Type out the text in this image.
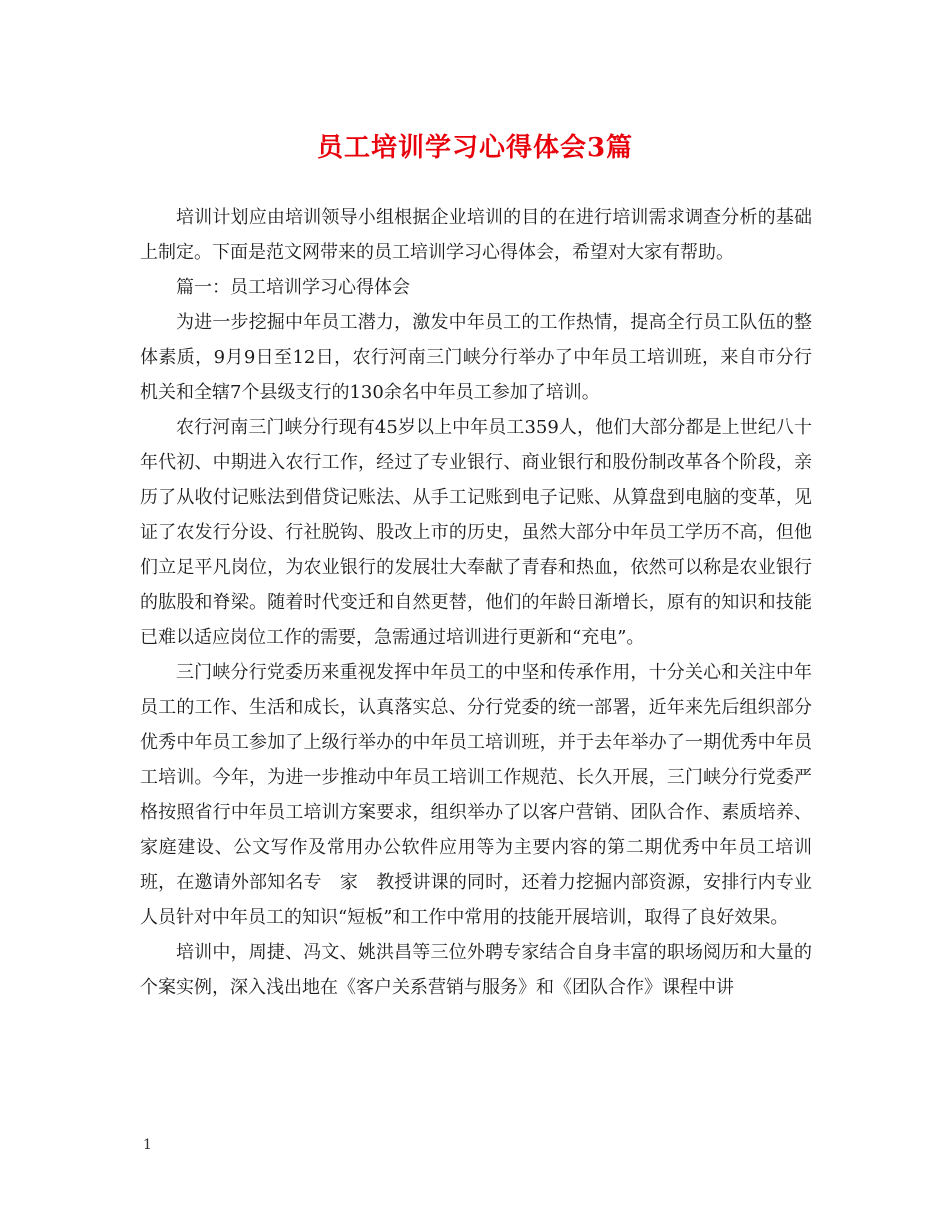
员工培训学习心得体会3篇

培训计划应由培训领导小组根据企业培训的目的在进行培训需求调查分析的基础上制定。下面是范文网带来的员工培训学习心得体会，希望对大家有帮助。

篇一：员工培训学习心得体会

为进一步挖掘中年员工潜力，激发中年员工的工作热情，提高全行员工队伍的整体素质，9月9日至12日，农行河南三门峡分行举办了中年员工培训班，来自市分行机关和全辖7个县级支行的130余名中年员工参加了培训。

农行河南三门峡分行现有45岁以上中年员工359人，他们大部分都是上世纪八十年代初、中期进入农行工作，经过了专业银行、商业银行和股份制改革各个阶段，亲历了从收付记账法到借贷记账法、从手工记账到电子记账、从算盘到电脑的变革，见证了农发行分设、行社脱钩、股改上市的历史，虽然大部分中年员工学历不高，但他们立足平凡岗位，为农业银行的发展壮大奉献了青春和热血，依然可以称是农业银行的肱股和脊梁。随着时代变迁和自然更替，他们的年龄日渐增长，原有的知识和技能已难以适应岗位工作的需要，急需通过培训进行更新和“充电”。

三门峡分行党委历来重视发挥中年员工的中坚和传承作用，十分关心和关注中年员工的工作、生活和成长，认真落实总、分行党委的统一部署，近年来先后组织部分优秀中年员工参加了上级行举办的中年员工培训班，并于去年举办了一期优秀中年员工培训。今年，为进一步推动中年员工培训工作规范、长久开展，三门峡分行党委严格按照省行中年员工培训方案要求，组织举办了以客户营销、团队合作、素质培养、家庭建设、公文写作及常用办公软件应用等为主要内容的第二期优秀中年员工培训班，在邀请外部知名专　家　教授讲课的同时，还着力挖掘内部资源，安排行内专业人员针对中年员工的知识“短板”和工作中常用的技能开展培训，取得了良好效果。

培训中，周捷、冯文、姚洪昌等三位外聘专家结合自身丰富的职场阅历和大量的个案实例，深入浅出地在《客户关系营销与服务》和《团队合作》课程中讲

1
